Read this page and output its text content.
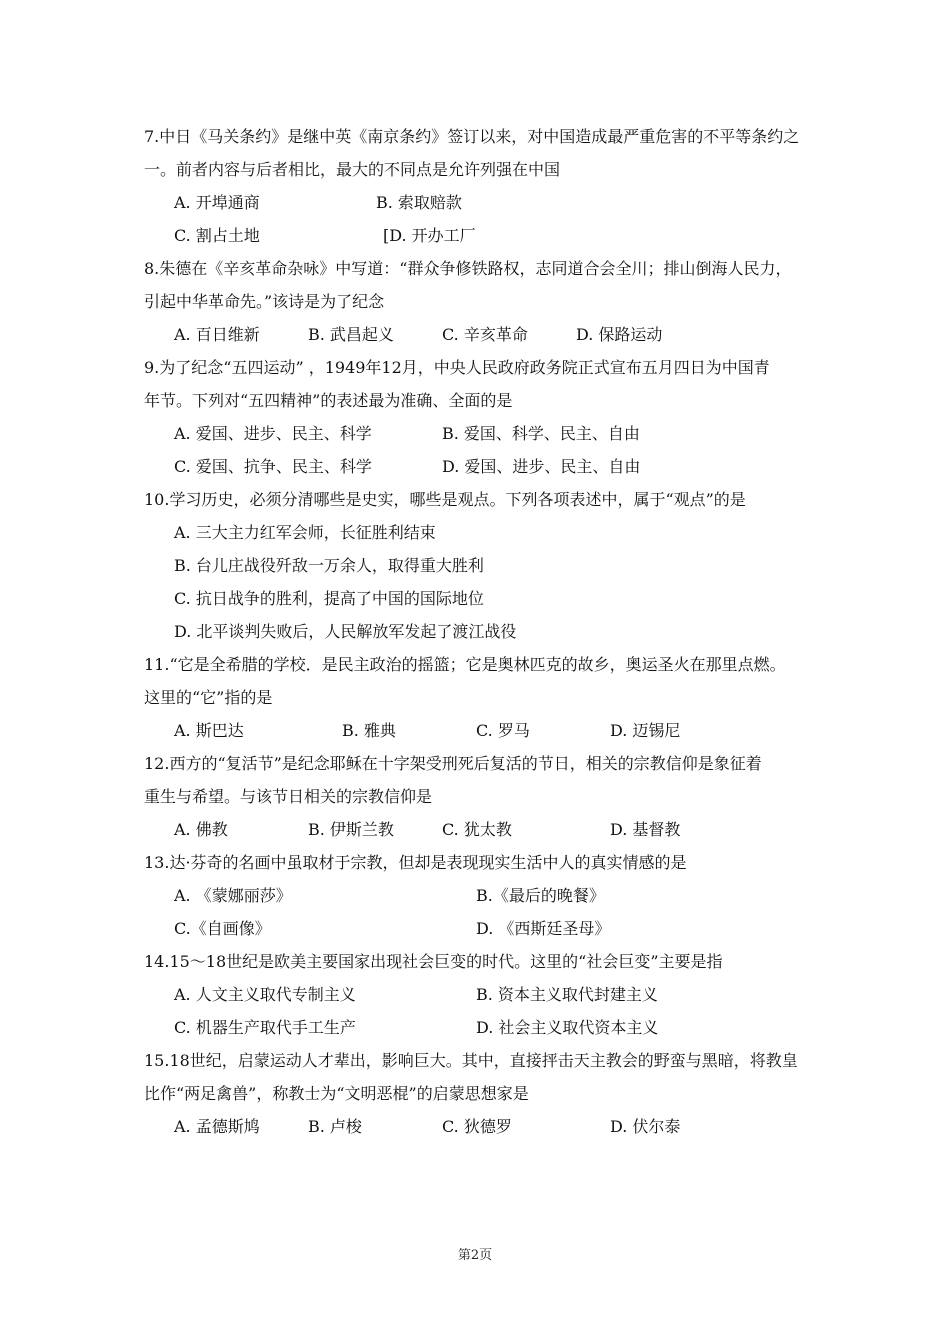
7.中日《马关条约》是继中英《南京条约》签订以来，对中国造成最严重危害的不平等条约之
一。前者内容与后者相比，最大的不同点是允许列强在中国
A. 开埠通商	B. 索取赔款
C. 割占土地	[D. 开办工厂
8.朱德在《辛亥革命杂咏》中写道：“群众争修铁路权，志同道合会全川；排山倒海人民力，
引起中华革命先。”该诗是为了纪念
A. 百日维新	B. 武昌起义	C. 辛亥革命	D. 保路运动
9.为了纪念“五四运动” ，1949年12月，中央人民政府政务院正式宣布五月四日为中国青
年节。下列对“五四精神”的表述最为准确、全面的是
A. 爱国、进步、民主、科学	B. 爱国、科学、民主、自由
C. 爱国、抗争、民主、科学	D. 爱国、进步、民主、自由
10.学习历史，必须分清哪些是史实，哪些是观点。下列各项表述中，属于“观点”的是
A. 三大主力红军会师，长征胜利结束
B. 台儿庄战役歼敌一万余人，取得重大胜利
C. 抗日战争的胜利，提高了中国的国际地位
D. 北平谈判失败后，人民解放军发起了渡江战役
11.“它是全希腊的学校．是民主政治的摇篮；它是奥林匹克的故乡，奥运圣火在那里点燃。
这里的“它”指的是
A. 斯巴达	B. 雅典	C. 罗马	D. 迈锡尼
12.西方的“复活节”是纪念耶稣在十字架受刑死后复活的节日，相关的宗教信仰是象征着
重生与希望。与该节日相关的宗教信仰是
A. 佛教	B. 伊斯兰教	C. 犹太教	D. 基督教
13.达·芬奇的名画中虽取材于宗教，但却是表现现实生活中人的真实情感的是
A. 《蒙娜丽莎》	B.《最后的晚餐》
C.《自画像》	D. 《西斯廷圣母》
14.15～18世纪是欧美主要国家出现社会巨变的时代。这里的“社会巨变”主要是指
A. 人文主义取代专制主义	B. 资本主义取代封建主义
C. 机器生产取代手工生产	D. 社会主义取代资本主义
15.18世纪，启蒙运动人才辈出，影响巨大。其中，直接抨击天主教会的野蛮与黑暗，将教皇
比作“两足禽兽”，称教士为“文明恶棍”的启蒙思想家是
A. 孟德斯鸠	B. 卢梭	C. 狄德罗	D. 伏尔泰
第2页
